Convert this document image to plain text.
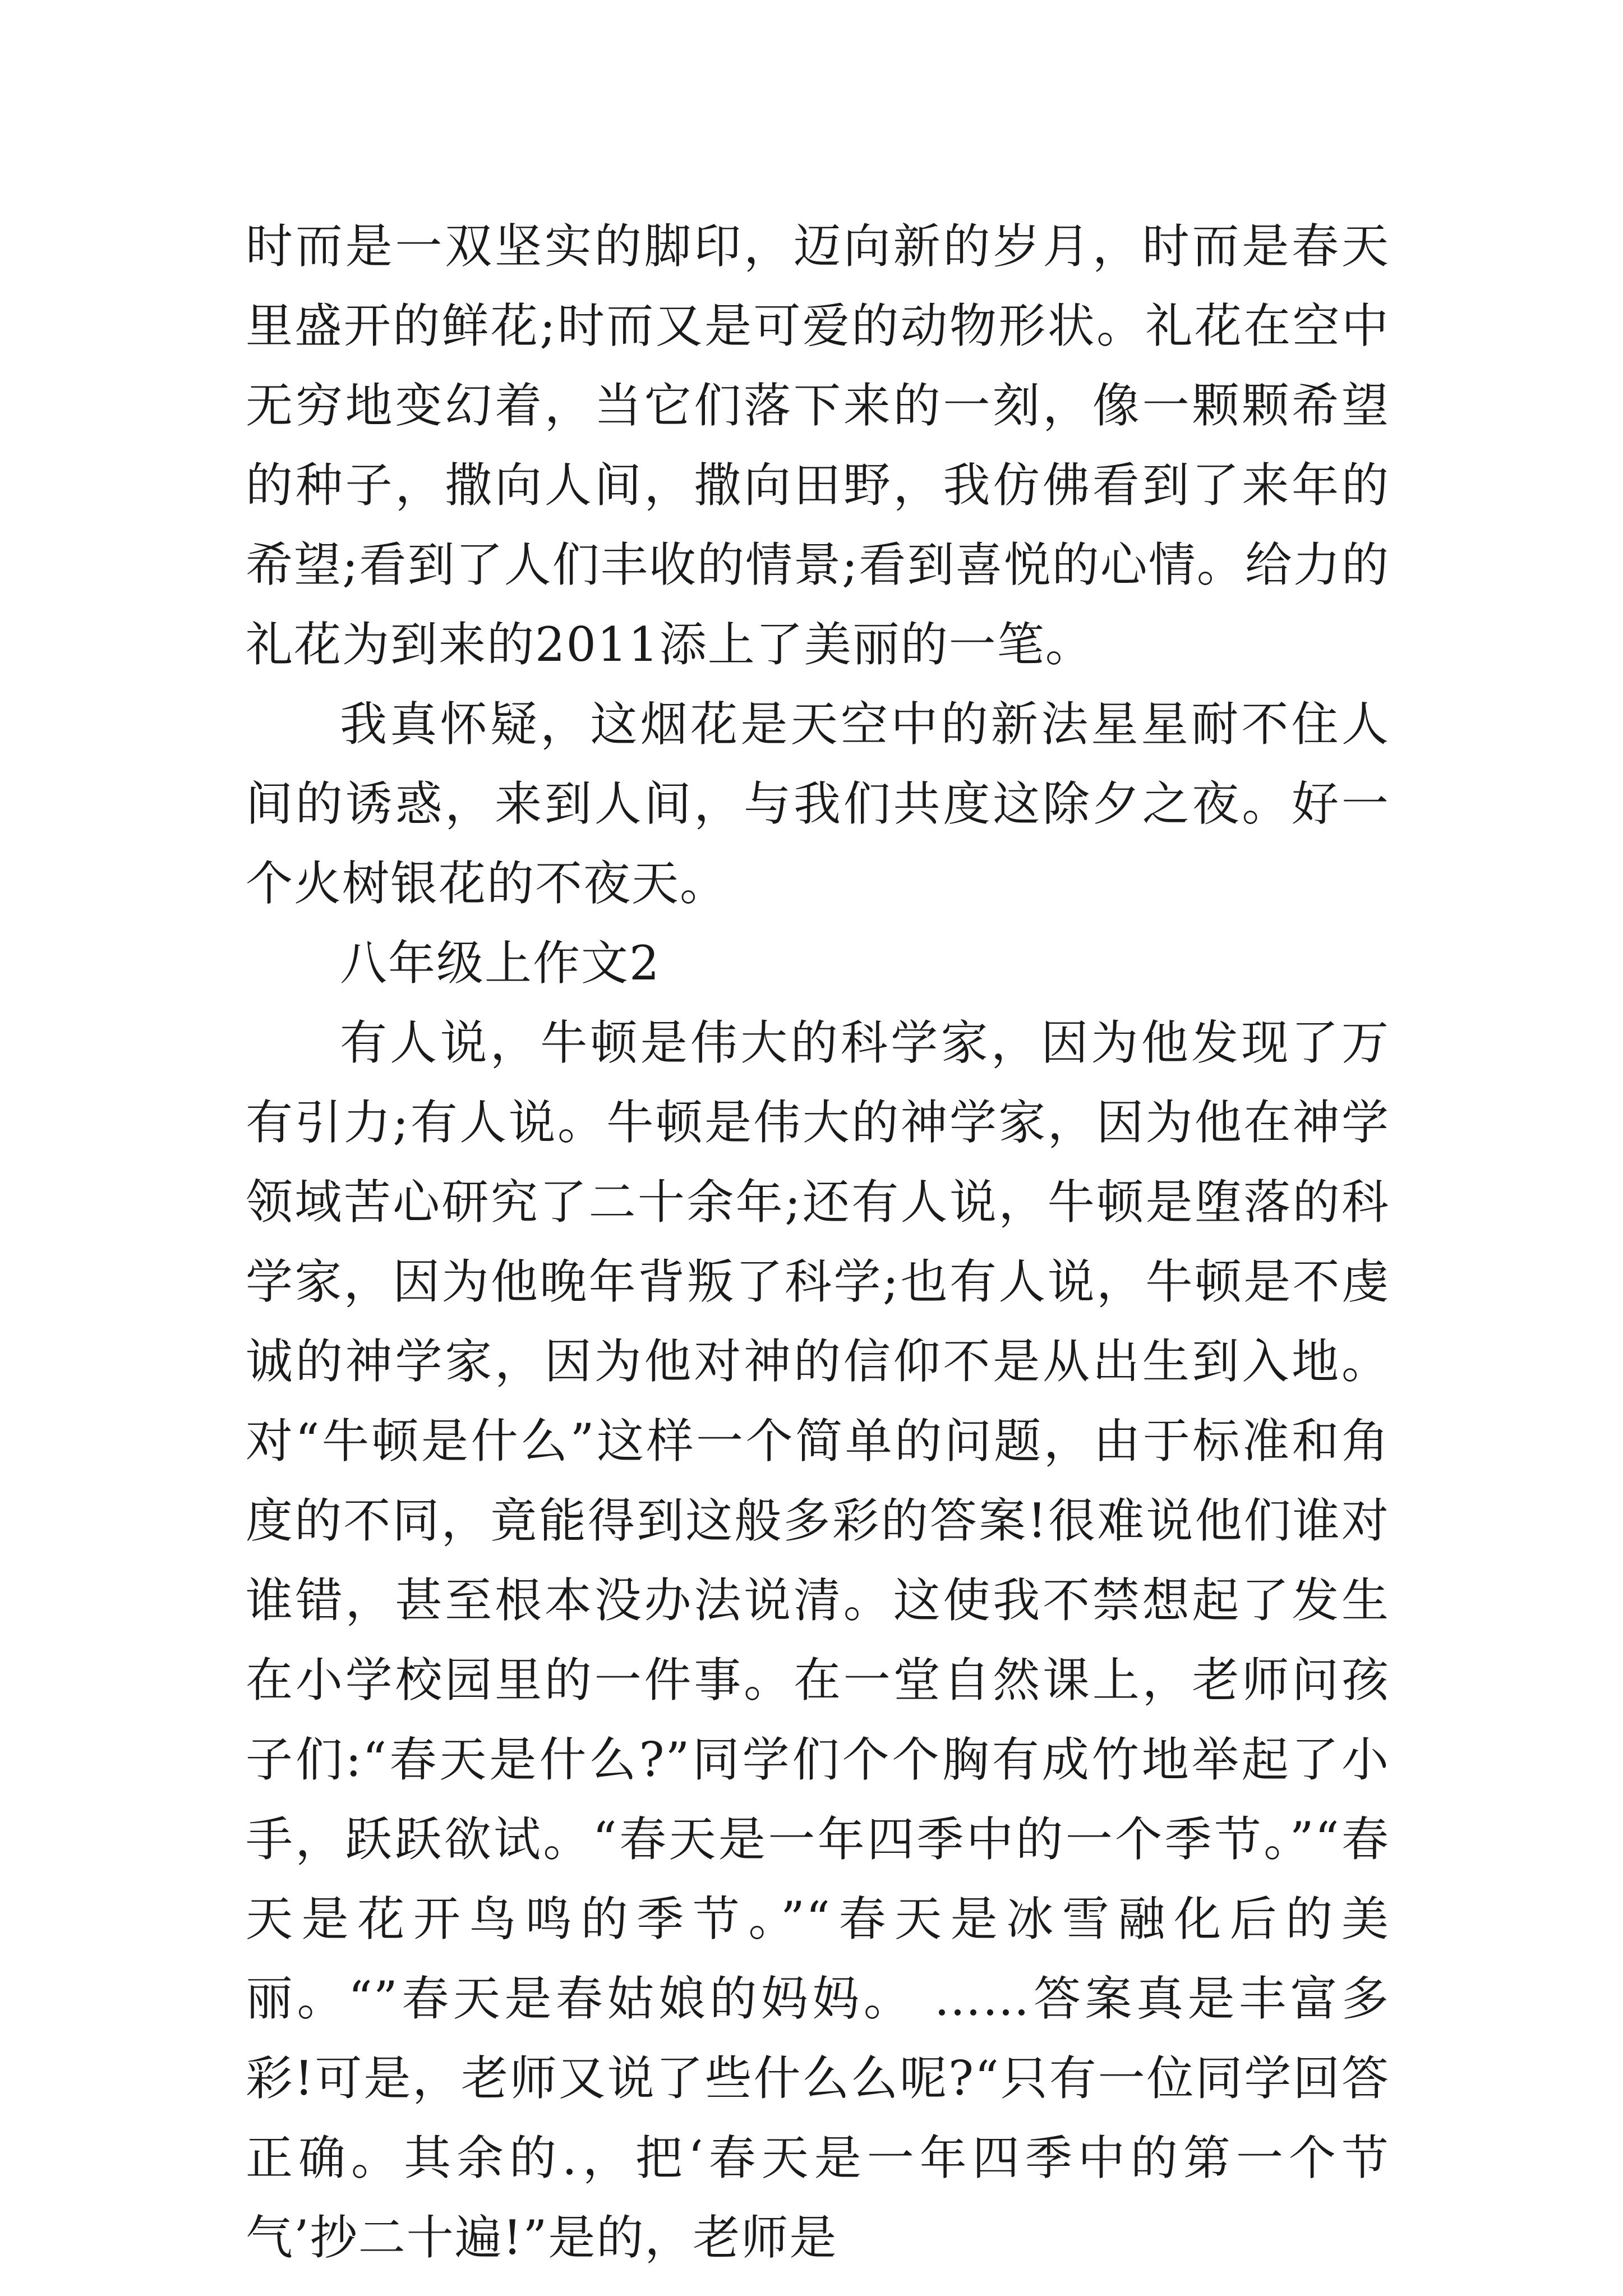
时而是一双坚实的脚印，迈向新的岁月，时而是春天里盛开的鲜花;时而又是可爱的动物形状。礼花在空中无穷地变幻着，当它们落下来的一刻，像一颗颗希望的种子，撒向人间，撒向田野，我仿佛看到了来年的希望;看到了人们丰收的情景;看到喜悦的心情。给力的礼花为到来的2011添上了美丽的一笔。

我真怀疑，这烟花是天空中的新法星星耐不住人间的诱惑，来到人间，与我们共度这除夕之夜。好一个火树银花的不夜天。

八年级上作文2

有人说，牛顿是伟大的科学家，因为他发现了万有引力;有人说。牛顿是伟大的神学家，因为他在神学领域苦心研究了二十余年;还有人说，牛顿是堕落的科学家，因为他晚年背叛了科学;也有人说，牛顿是不虔诚的神学家，因为他对神的信仰不是从出生到入地。对“牛顿是什么”这样一个简单的问题，由于标准和角度的不同，竟能得到这般多彩的答案!很难说他们谁对谁错，甚至根本没办法说清。这使我不禁想起了发生在小学校园里的一件事。在一堂自然课上，老师问孩子们:“春天是什么?”同学们个个胸有成竹地举起了小手，跃跃欲试。“春天是一年四季中的一个季节。”“春天是花开鸟鸣的季节。”“春天是冰雪融化后的美丽。“”春天是春姑娘的妈妈。 ……答案真是丰富多彩!可是，老师又说了些什么么呢?“只有一位同学回答正确。其余的.，把‘春天是一年四季中的第一个节气’抄二十遍!”是的，老师是
